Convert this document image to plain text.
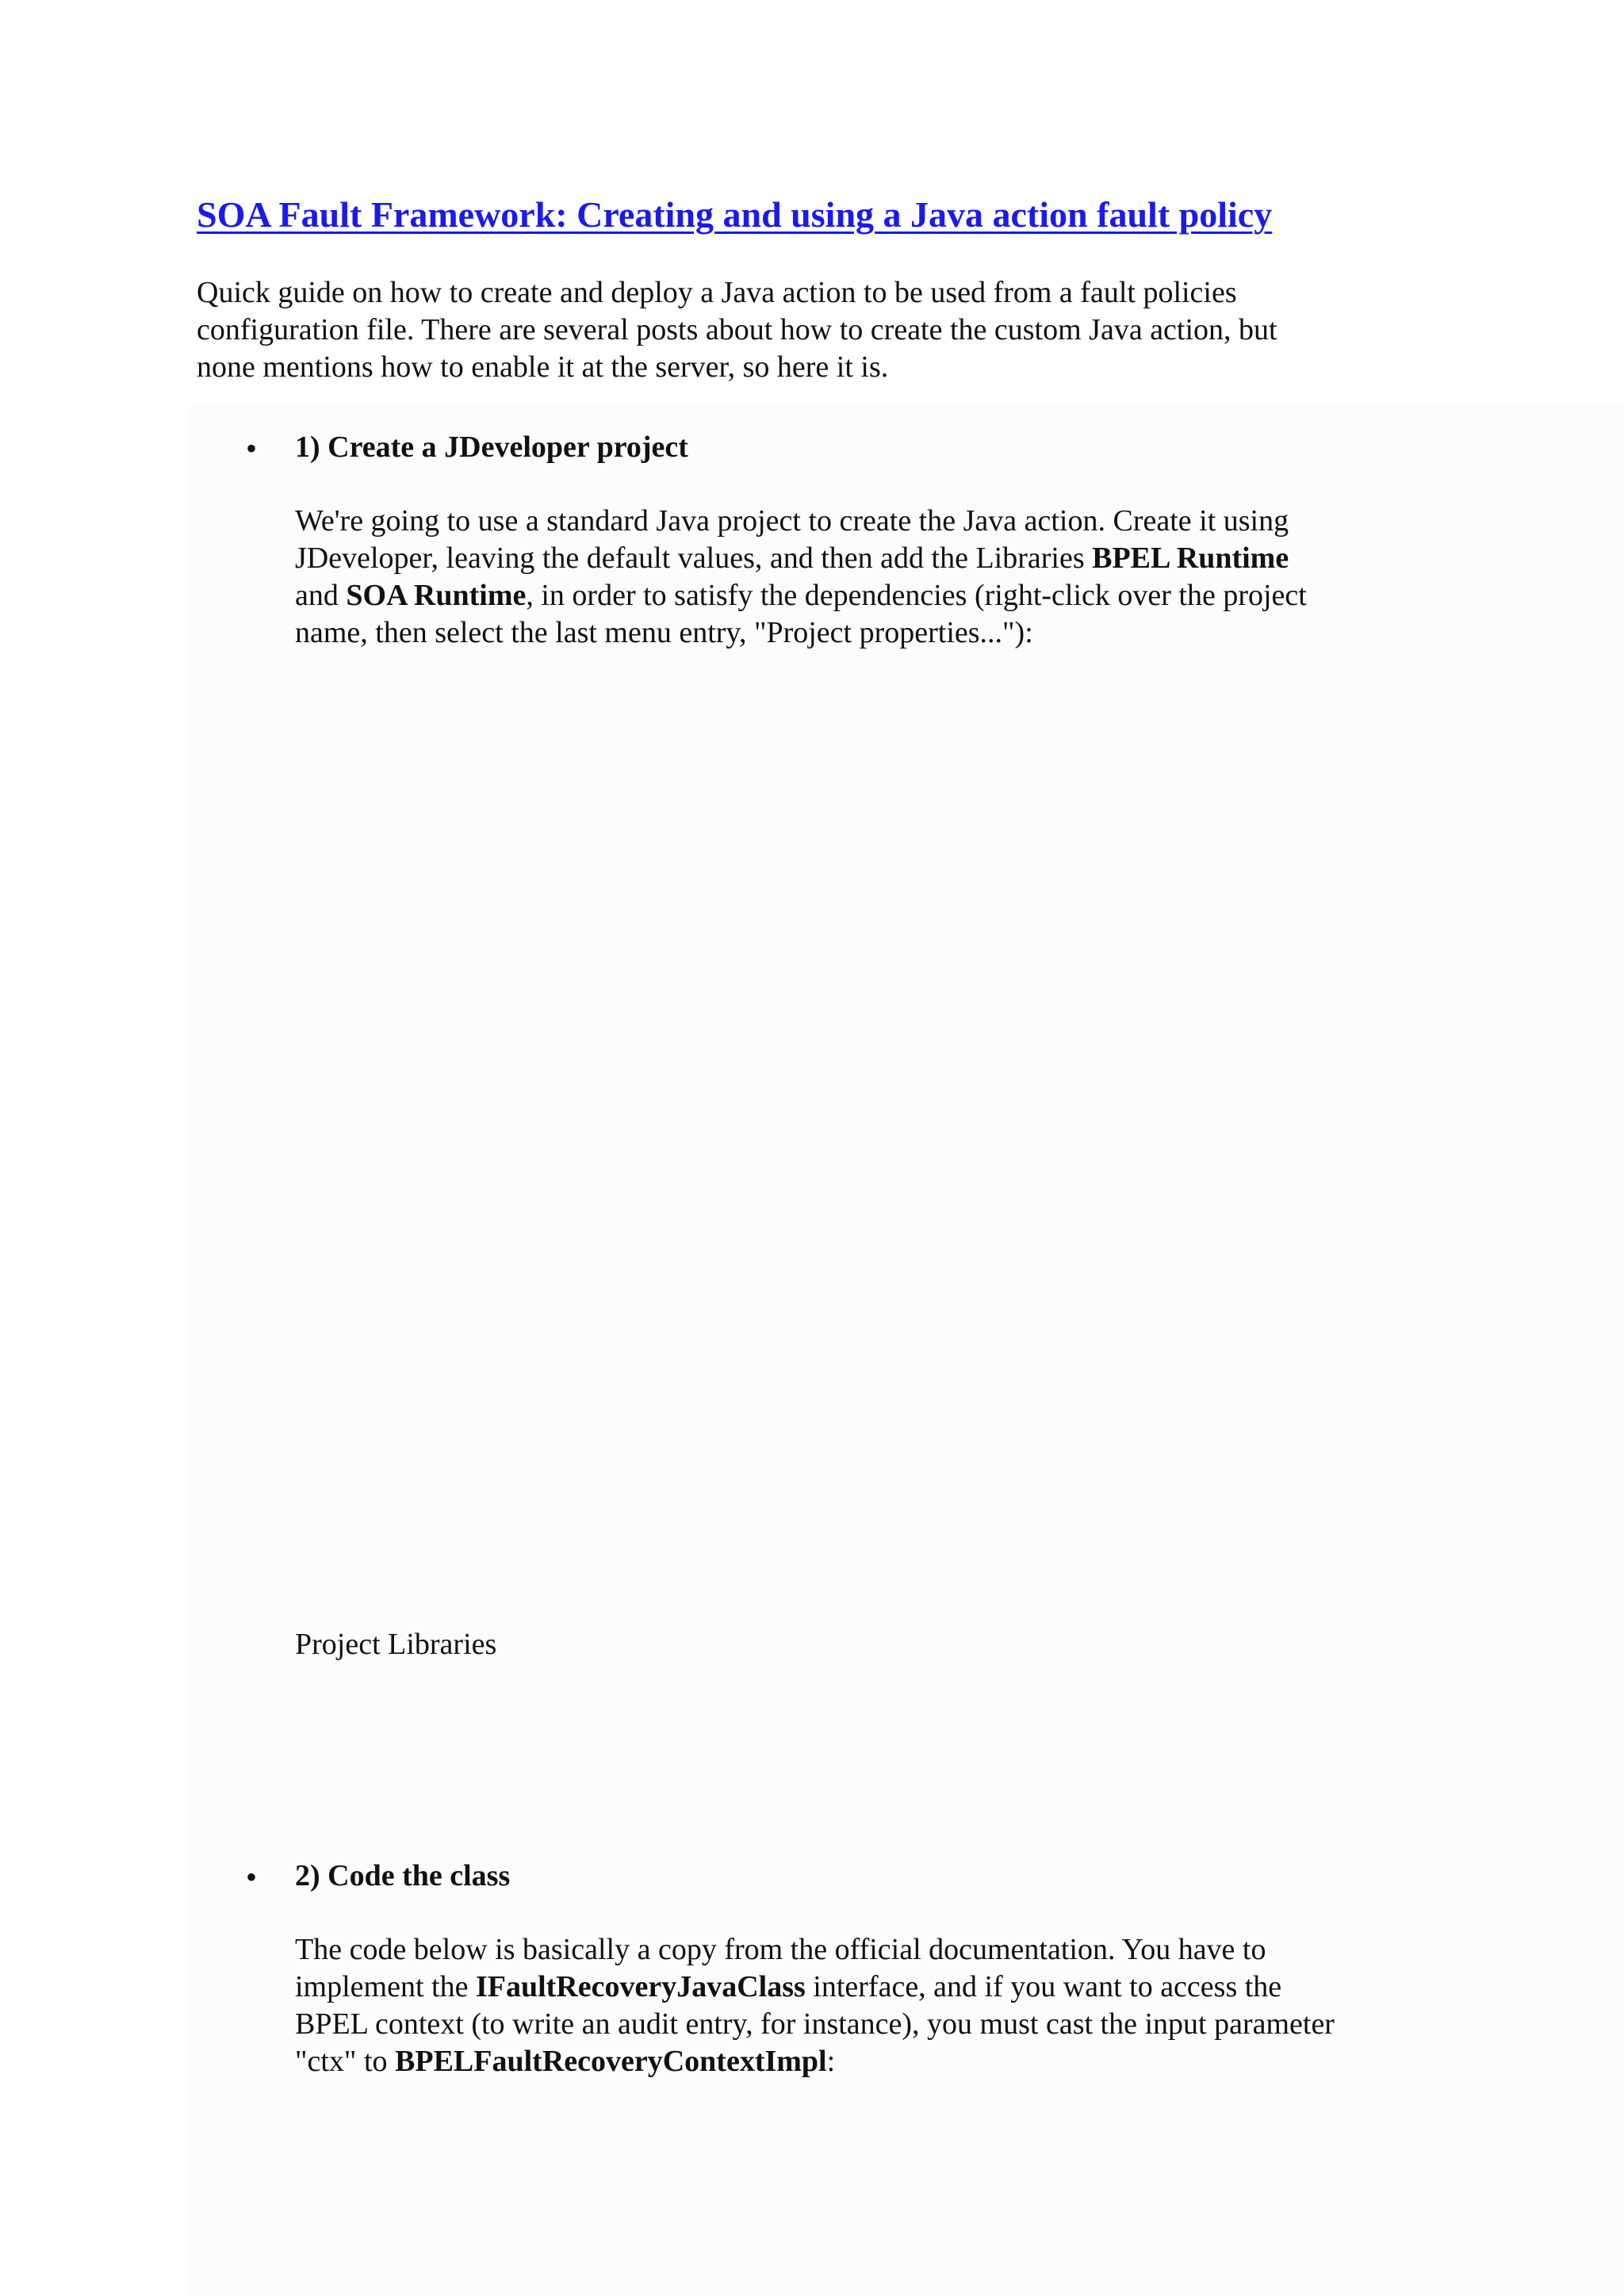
SOA Fault Framework: Creating and using a Java action fault policy
Quick guide on how to create and deploy a Java action to be used from a fault policies
configuration file. There are several posts about how to create the custom Java action, but
none mentions how to enable it at the server, so here it is.
• 1) Create a JDeveloper project
We're going to use a standard Java project to create the Java action. Create it using
JDeveloper, leaving the default values, and then add the Libraries BPEL Runtime
and SOA Runtime, in order to satisfy the dependencies (right-click over the project
name, then select the last menu entry, "Project properties..."):
Project Libraries
• 2) Code the class
The code below is basically a copy from the official documentation. You have to
implement the IFaultRecoveryJavaClass interface, and if you want to access the
BPEL context (to write an audit entry, for instance), you must cast the input parameter
"ctx" to BPELFaultRecoveryContextImpl:
